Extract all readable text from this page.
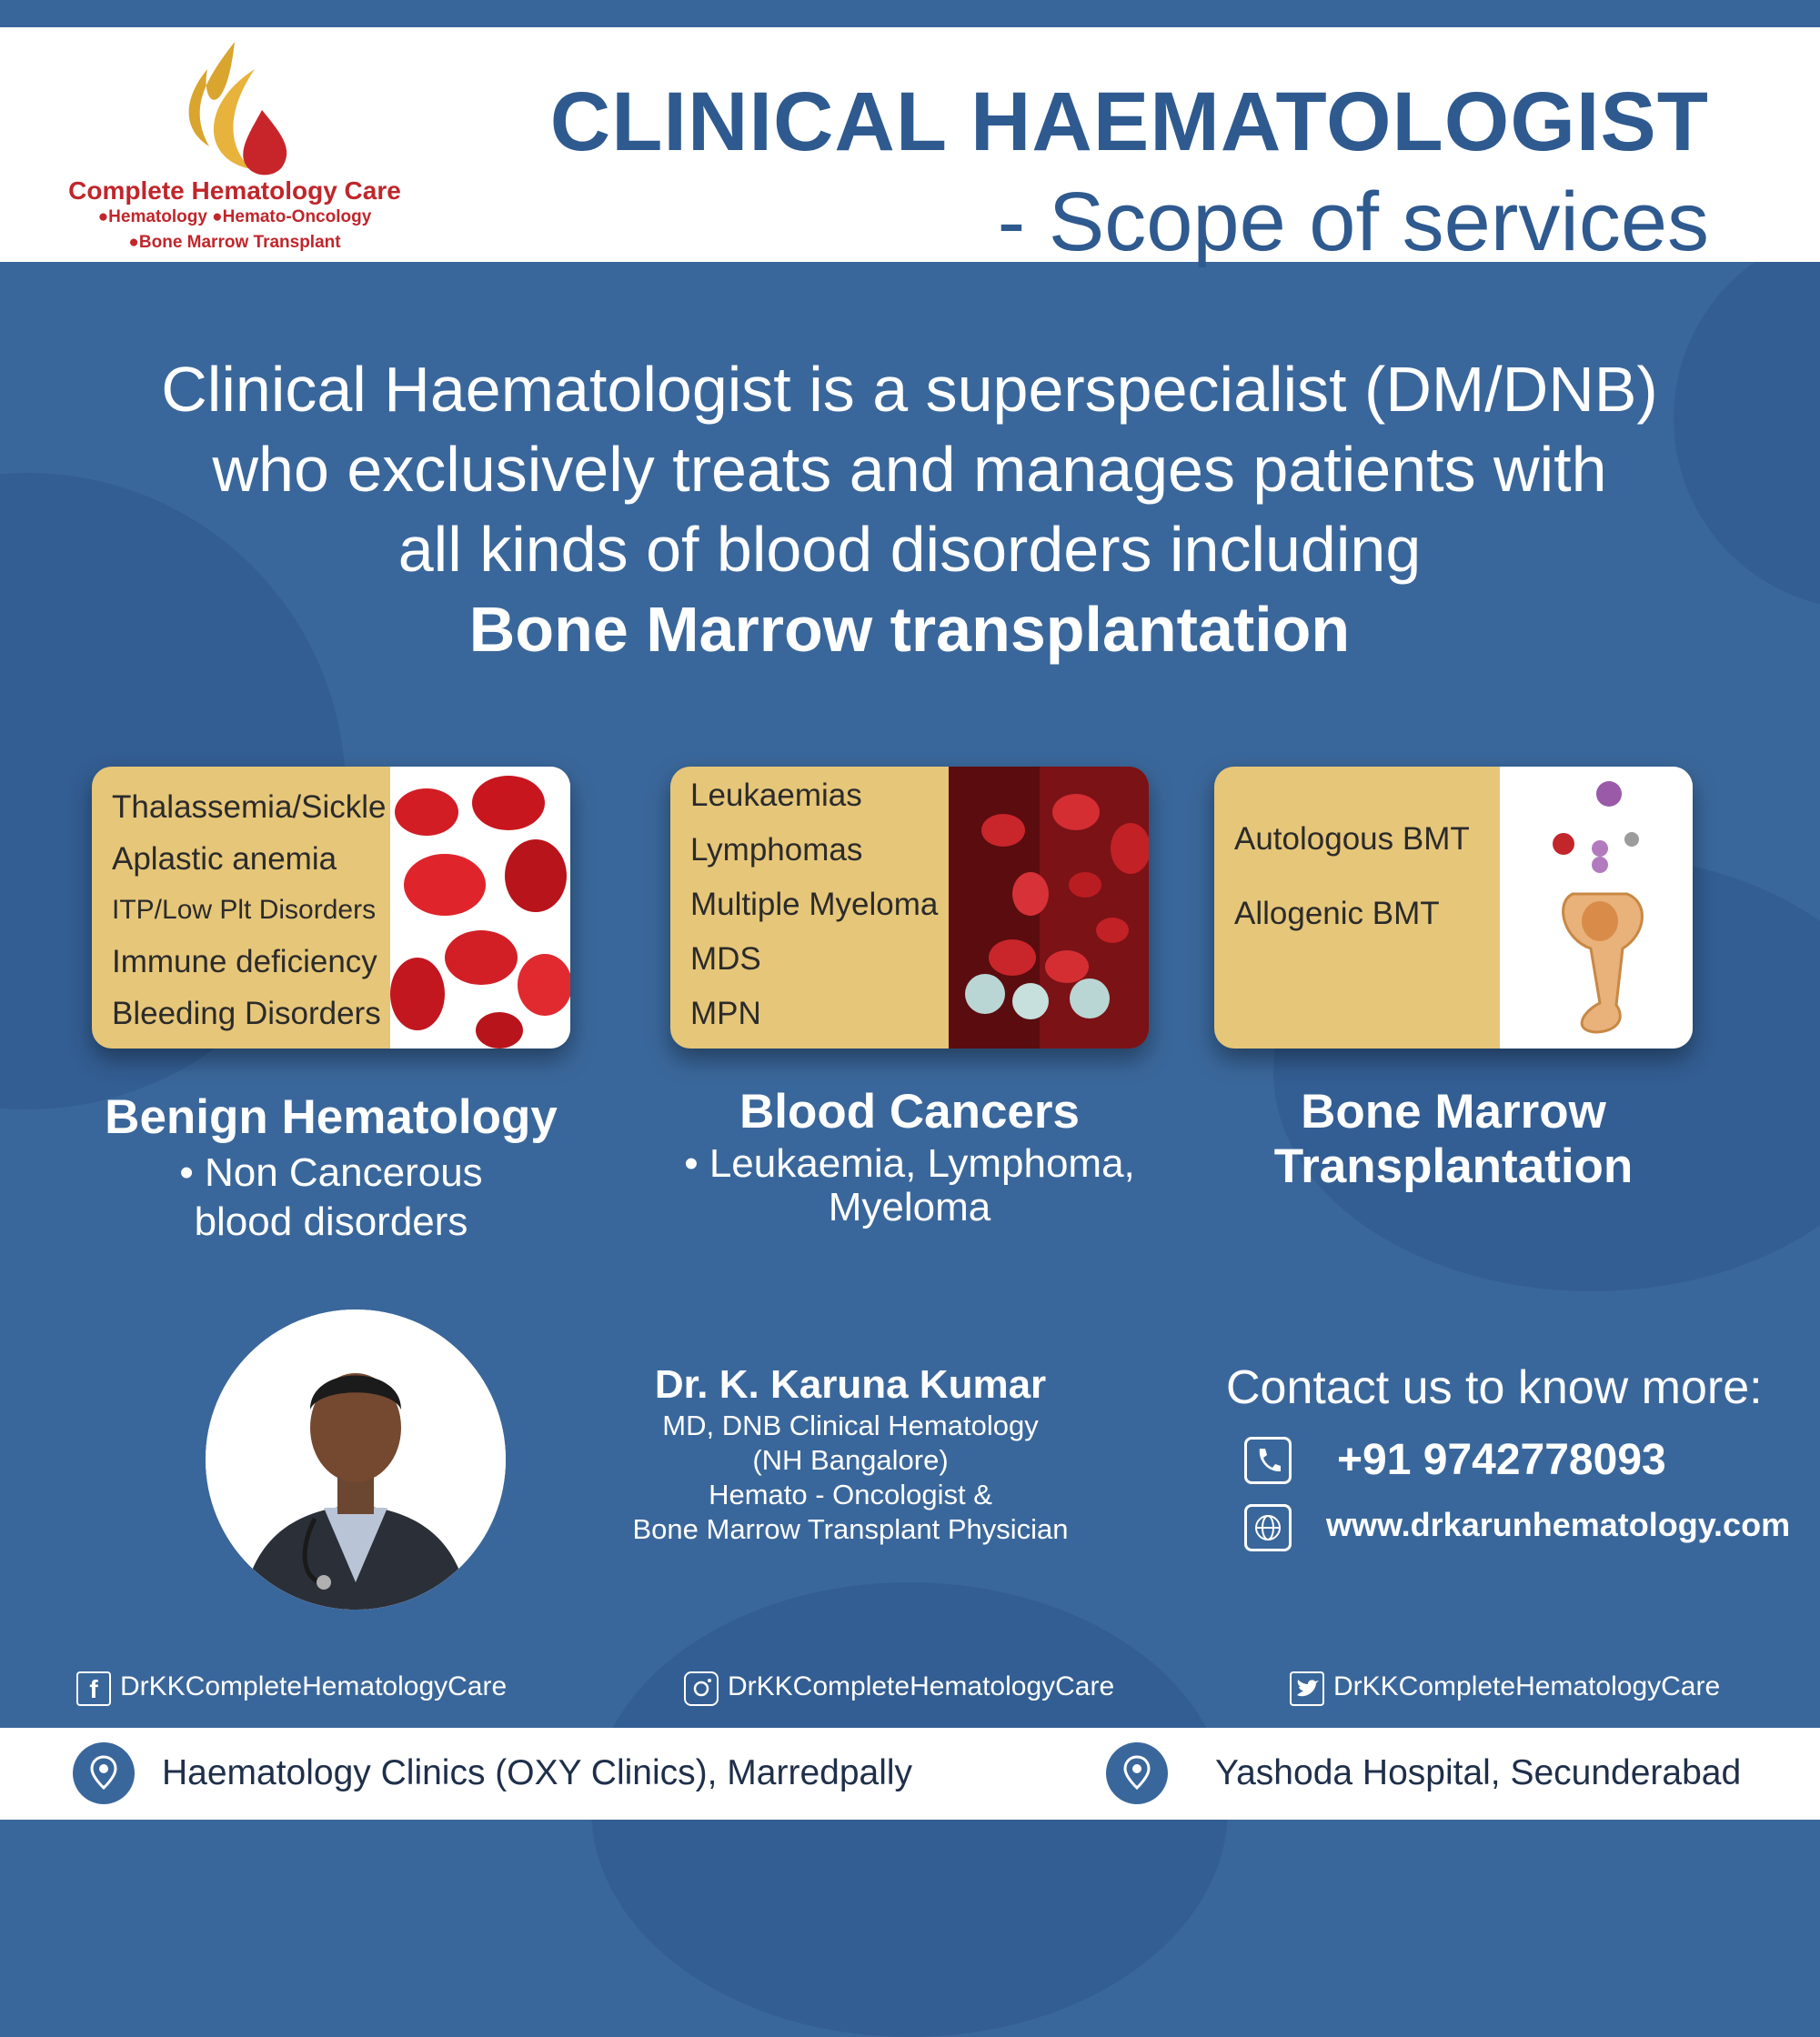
Complete Hematology Care
●Hematology ●Hemato-Oncology
●Bone Marrow Transplant
CLINICAL HAEMATOLOGIST
- Scope of services
Clinical Haematologist is a superspecialist (DM/DNB)
who exclusively treats and manages patients with
all kinds of blood disorders including
Bone Marrow transplantation
Thalassemia/Sickle
Aplastic anemia
ITP/Low Plt Disorders
Immune deficiency
Bleeding Disorders
Benign Hematology
• Non Cancerous
blood disorders
Leukaemias
Lymphomas
Multiple Myeloma
MDS
MPN
Blood Cancers
• Leukaemia, Lymphoma,
Myeloma
Autologous BMT
Allogenic BMT
Bone Marrow
Transplantation
Dr. K. Karuna Kumar
MD, DNB Clinical Hematology
(NH Bangalore)
Hemato - Oncologist &
Bone Marrow Transplant Physician
Contact us to know more:
+91 9742778093
www.drkarunhematology.com
f DrKKCompleteHematologyCare	DrKKCompleteHematologyCare	DrKKCompleteHematologyCare
Haematology Clinics (OXY Clinics), Marredpally	Yashoda Hospital, Secunderabad
